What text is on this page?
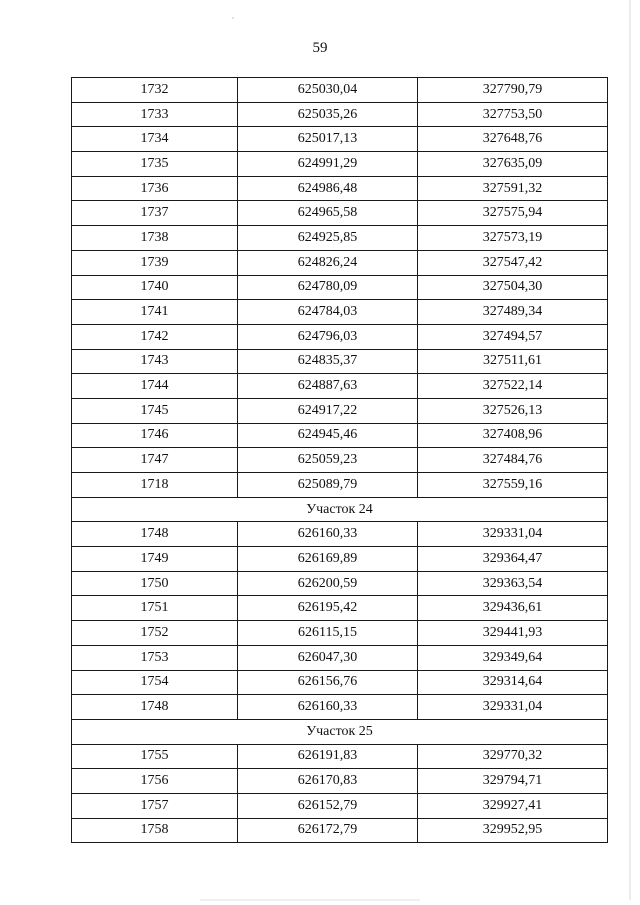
59
1732	625030,04	327790,79
1733	625035,26	327753,50
1734	625017,13	327648,76
1735	624991,29	327635,09
1736	624986,48	327591,32
1737	624965,58	327575,94
1738	624925,85	327573,19
1739	624826,24	327547,42
1740	624780,09	327504,30
1741	624784,03	327489,34
1742	624796,03	327494,57
1743	624835,37	327511,61
1744	624887,63	327522,14
1745	624917,22	327526,13
1746	624945,46	327408,96
1747	625059,23	327484,76
1718	625089,79	327559,16
Участок 24		
1748	626160,33	329331,04
1749	626169,89	329364,47
1750	626200,59	329363,54
1751	626195,42	329436,61
1752	626115,15	329441,93
1753	626047,30	329349,64
1754	626156,76	329314,64
1748	626160,33	329331,04
Участок 25		
1755	626191,83	329770,32
1756	626170,83	329794,71
1757	626152,79	329927,41
1758	626172,79	329952,95
